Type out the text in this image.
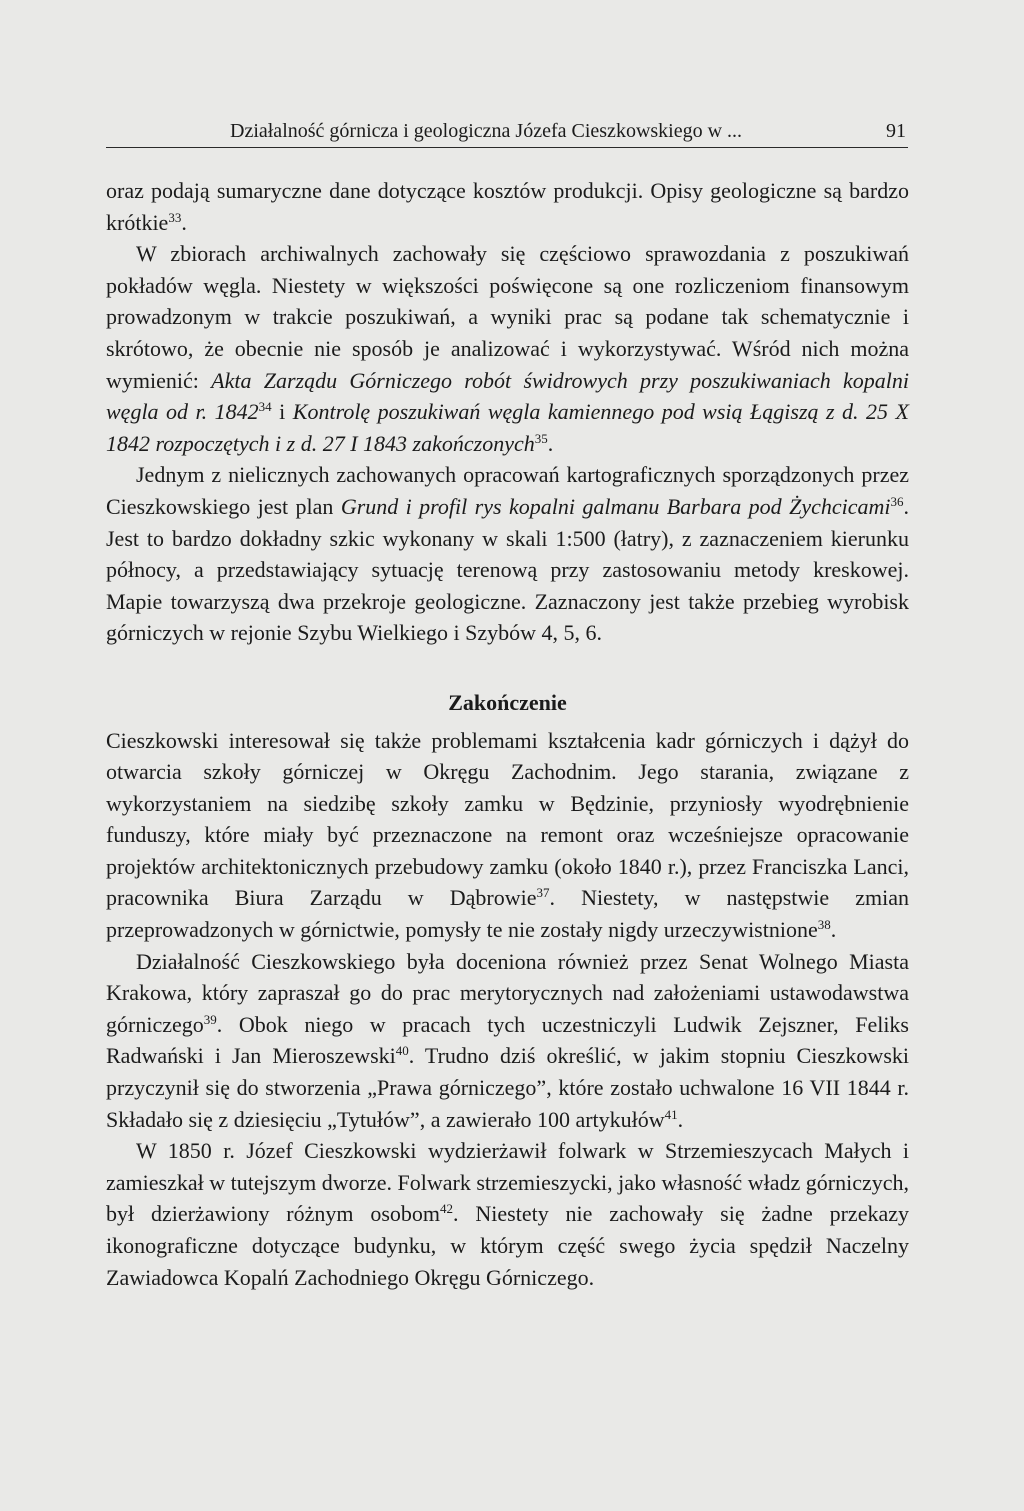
Działalność górnicza i geologiczna Józefa Cieszkowskiego w ...	91

oraz podają sumaryczne dane dotyczące kosztów produkcji. Opisy geologiczne są bardzo krótkie$^{33}$.

W zbiorach archiwalnych zachowały się częściowo sprawozdania z poszukiwań pokładów węgla. Niestety w większości poświęcone są one rozliczeniom finansowym prowadzonym w trakcie poszukiwań, a wyniki prac są podane tak schematycznie i skrótowo, że obecnie nie sposób je analizować i wykorzystywać. Wśród nich można wymienić: Akta Zarządu Górniczego robót świdrowych przy poszukiwaniach kopalni węgla od r. 1842$^{34}$ i Kontrolę poszukiwań węgla kamiennego pod wsią Łągiszą z d. 25 X 1842 rozpoczętych i z d. 27 I 1843 zakończonych$^{35}$.

Jednym z nielicznych zachowanych opracowań kartograficznych sporządzonych przez Cieszkowskiego jest plan Grund i profil rys kopalni galmanu Barbara pod Żychcicami$^{36}$. Jest to bardzo dokładny szkic wykonany w skali 1:500 (łatry), z zaznaczeniem kierunku północy, a przedstawiający sytuację terenową przy zastosowaniu metody kreskowej. Mapie towarzyszą dwa przekroje geologiczne. Zaznaczony jest także przebieg wyrobisk górniczych w rejonie Szybu Wielkiego i Szybów 4, 5, 6.

Zakończenie

Cieszkowski interesował się także problemami kształcenia kadr górniczych i dążył do otwarcia szkoły górniczej w Okręgu Zachodnim. Jego starania, związane z wykorzystaniem na siedzibę szkoły zamku w Będzinie, przyniosły wyodrębnienie funduszy, które miały być przeznaczone na remont oraz wcześniejsze opracowanie projektów architektonicznych przebudowy zamku (około 1840 r.), przez Franciszka Lanci, pracownika Biura Zarządu w Dąbrowie$^{37}$. Niestety, w następstwie zmian przeprowadzonych w górnictwie, pomysły te nie zostały nigdy urzeczywistnione$^{38}$.

Działalność Cieszkowskiego była doceniona również przez Senat Wolnego Miasta Krakowa, który zapraszał go do prac merytorycznych nad założeniami ustawodawstwa górniczego$^{39}$. Obok niego w pracach tych uczestniczyli Ludwik Zejszner, Feliks Radwański i Jan Mieroszewski$^{40}$. Trudno dziś określić, w jakim stopniu Cieszkowski przyczynił się do stworzenia „Prawa górniczego”, które zostało uchwalone 16 VII 1844 r. Składało się z dziesięciu „Tytułów”, a zawierało 100 artykułów$^{41}$.

W 1850 r. Józef Cieszkowski wydzierżawił folwark w Strzemieszycach Małych i zamieszkał w tutejszym dworze. Folwark strzemieszycki, jako własność władz górniczych, był dzierżawiony różnym osobom$^{42}$. Niestety nie zachowały się żadne przekazy ikonograficzne dotyczące budynku, w którym część swego życia spędził Naczelny Zawiadowca Kopalń Zachodniego Okręgu Górniczego.
